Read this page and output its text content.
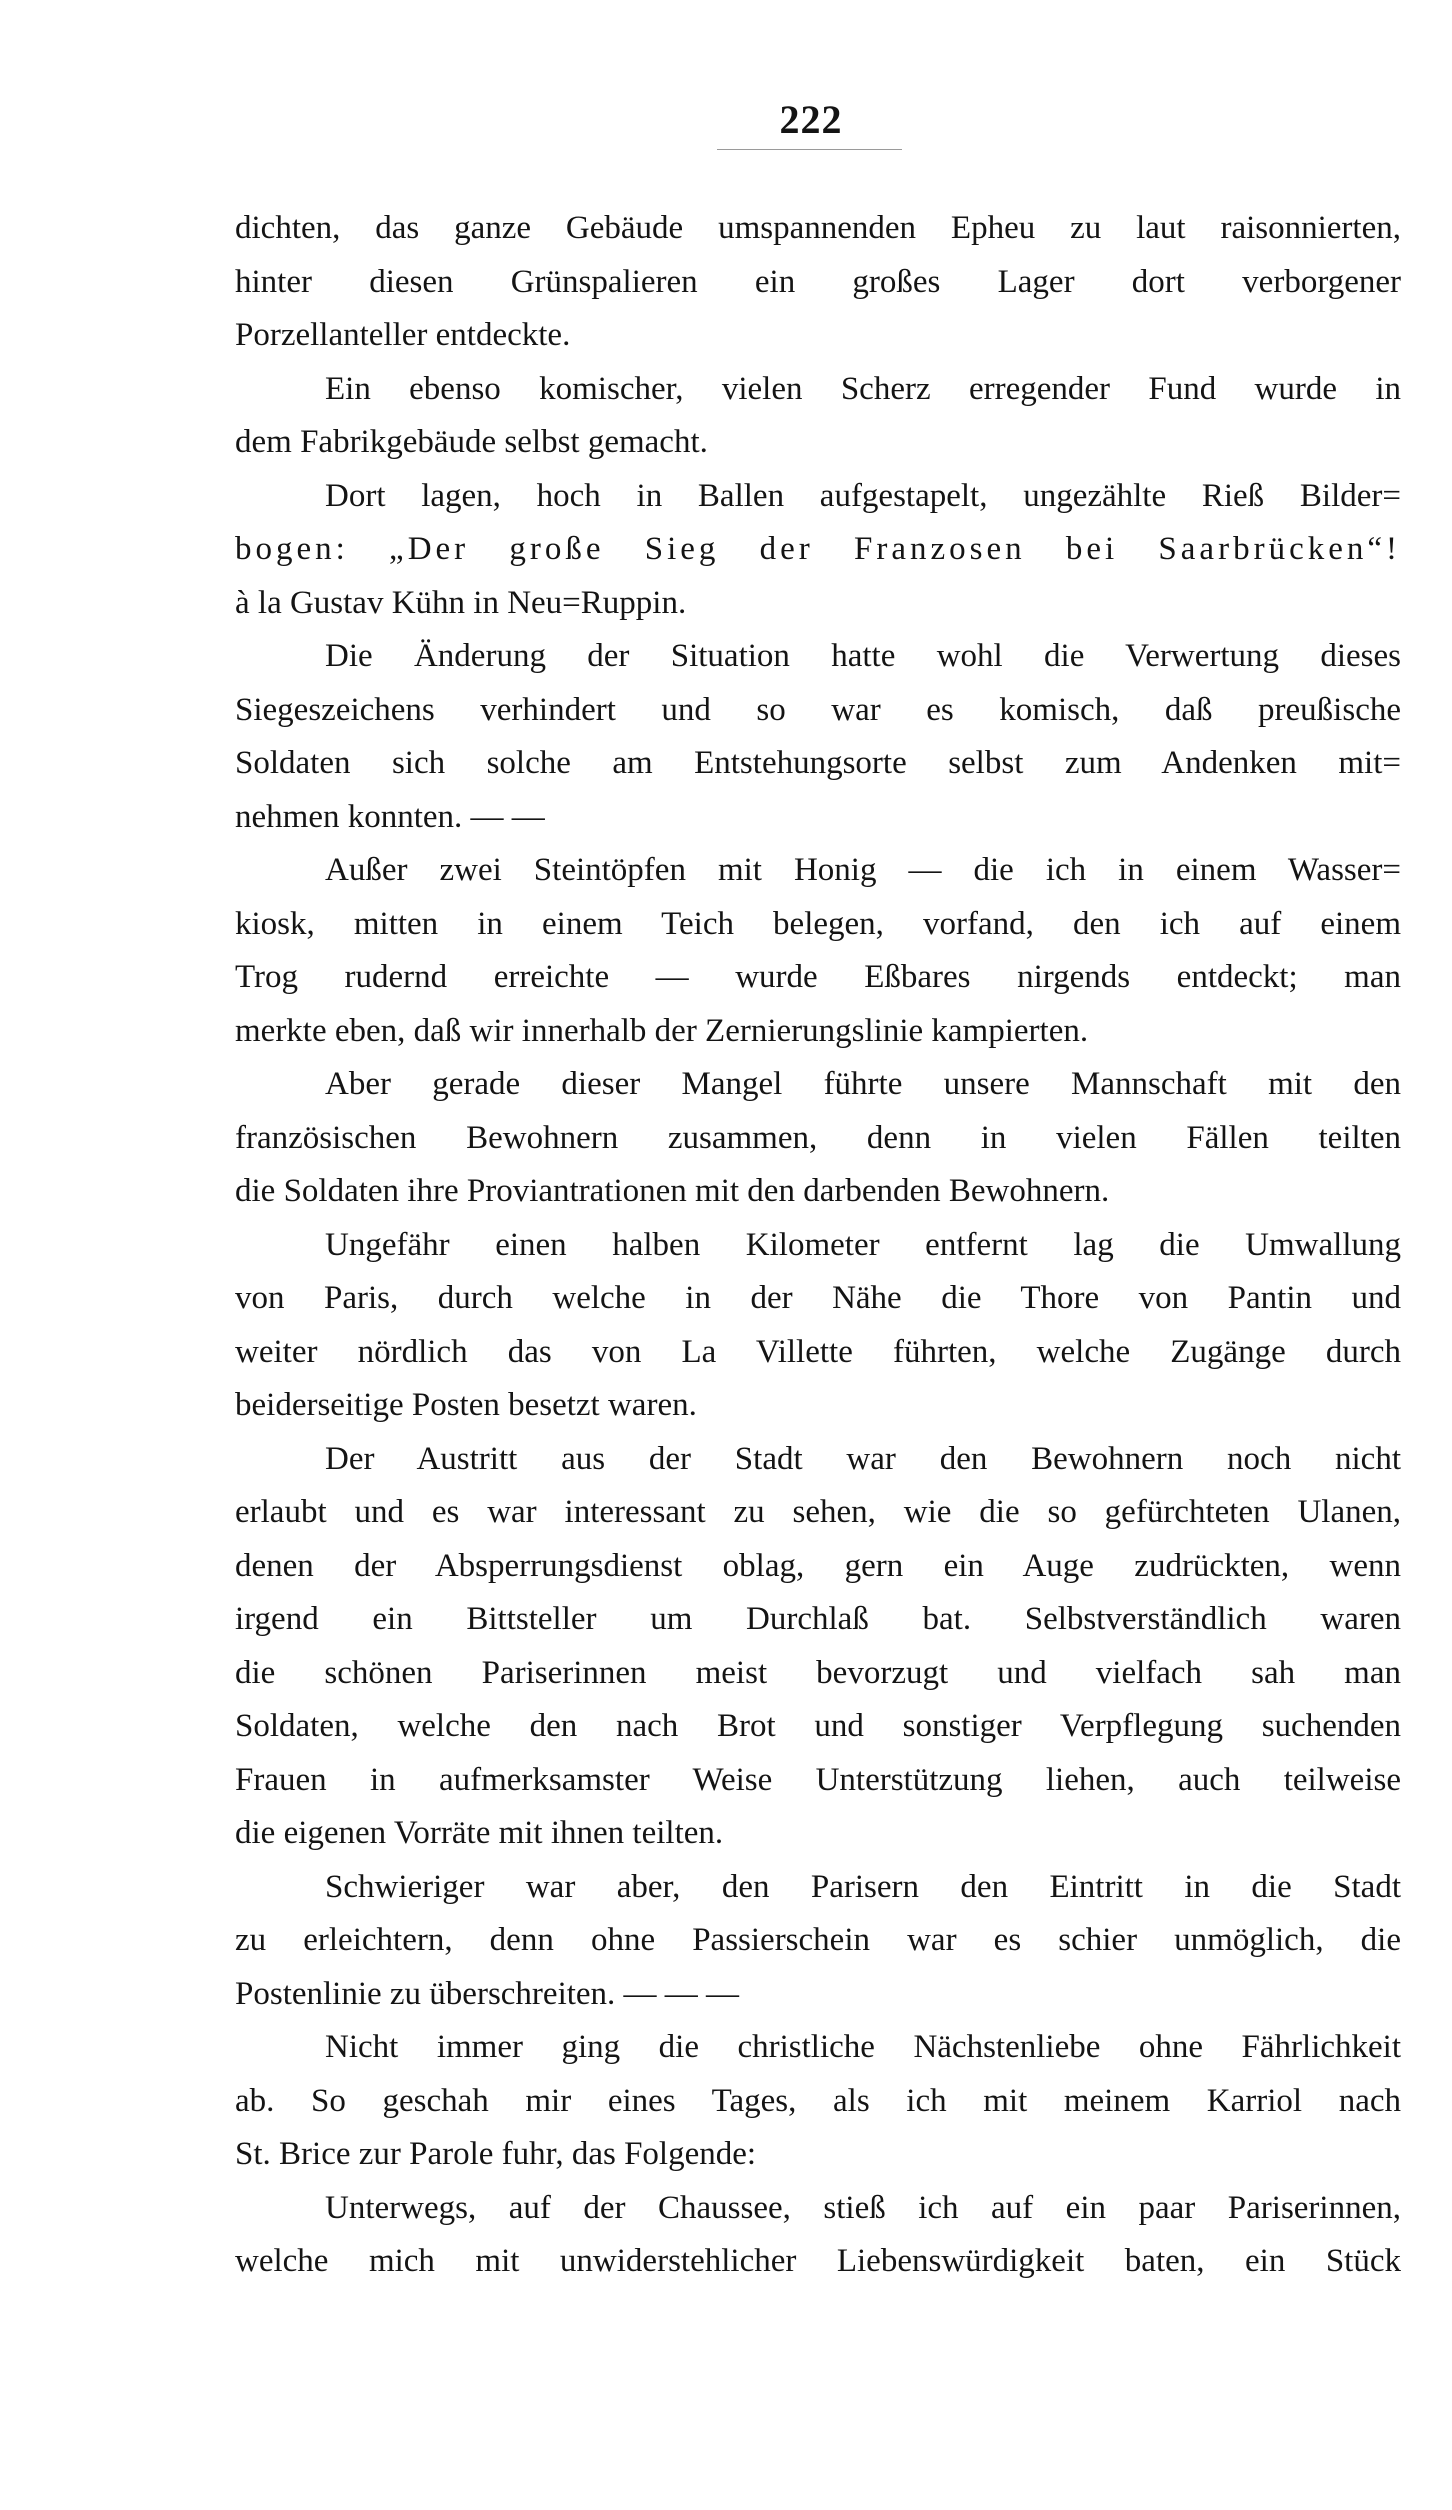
222
dichten, das ganze Gebäude umspannenden Epheu zu laut raisonnierten,
hinter diesen Grünspalieren ein großes Lager dort verborgener
Porzellanteller entdeckte.
Ein ebenso komischer, vielen Scherz erregender Fund wurde in
dem Fabrikgebäude selbst gemacht.
Dort lagen, hoch in Ballen aufgestapelt, ungezählte Rieß Bilder=
bogen: „Der große Sieg der Franzosen bei Saarbrücken“!
à la Gustav Kühn in Neu=Ruppin.
Die Änderung der Situation hatte wohl die Verwertung dieses
Siegeszeichens verhindert und so war es komisch, daß preußische
Soldaten sich solche am Entstehungsorte selbst zum Andenken mit=
nehmen konnten. — —
Außer zwei Steintöpfen mit Honig — die ich in einem Wasser=
kiosk, mitten in einem Teich belegen, vorfand, den ich auf einem
Trog rudernd erreichte — wurde Eßbares nirgends entdeckt; man
merkte eben, daß wir innerhalb der Zernierungslinie kampierten.
Aber gerade dieser Mangel führte unsere Mannschaft mit den
französischen Bewohnern zusammen, denn in vielen Fällen teilten
die Soldaten ihre Proviantrationen mit den darbenden Bewohnern.
Ungefähr einen halben Kilometer entfernt lag die Umwallung
von Paris, durch welche in der Nähe die Thore von Pantin und
weiter nördlich das von La Villette führten, welche Zugänge durch
beiderseitige Posten besetzt waren.
Der Austritt aus der Stadt war den Bewohnern noch nicht
erlaubt und es war interessant zu sehen, wie die so gefürchteten Ulanen,
denen der Absperrungsdienst oblag, gern ein Auge zudrückten, wenn
irgend ein Bittsteller um Durchlaß bat. Selbstverständlich waren
die schönen Pariserinnen meist bevorzugt und vielfach sah man
Soldaten, welche den nach Brot und sonstiger Verpflegung suchenden
Frauen in aufmerksamster Weise Unterstützung liehen, auch teilweise
die eigenen Vorräte mit ihnen teilten.
Schwieriger war aber, den Parisern den Eintritt in die Stadt
zu erleichtern, denn ohne Passierschein war es schier unmöglich, die
Postenlinie zu überschreiten. — — —
Nicht immer ging die christliche Nächstenliebe ohne Fährlichkeit
ab. So geschah mir eines Tages, als ich mit meinem Karriol nach
St. Brice zur Parole fuhr, das Folgende:
Unterwegs, auf der Chaussee, stieß ich auf ein paar Pariserinnen,
welche mich mit unwiderstehlicher Liebenswürdigkeit baten, ein Stück
